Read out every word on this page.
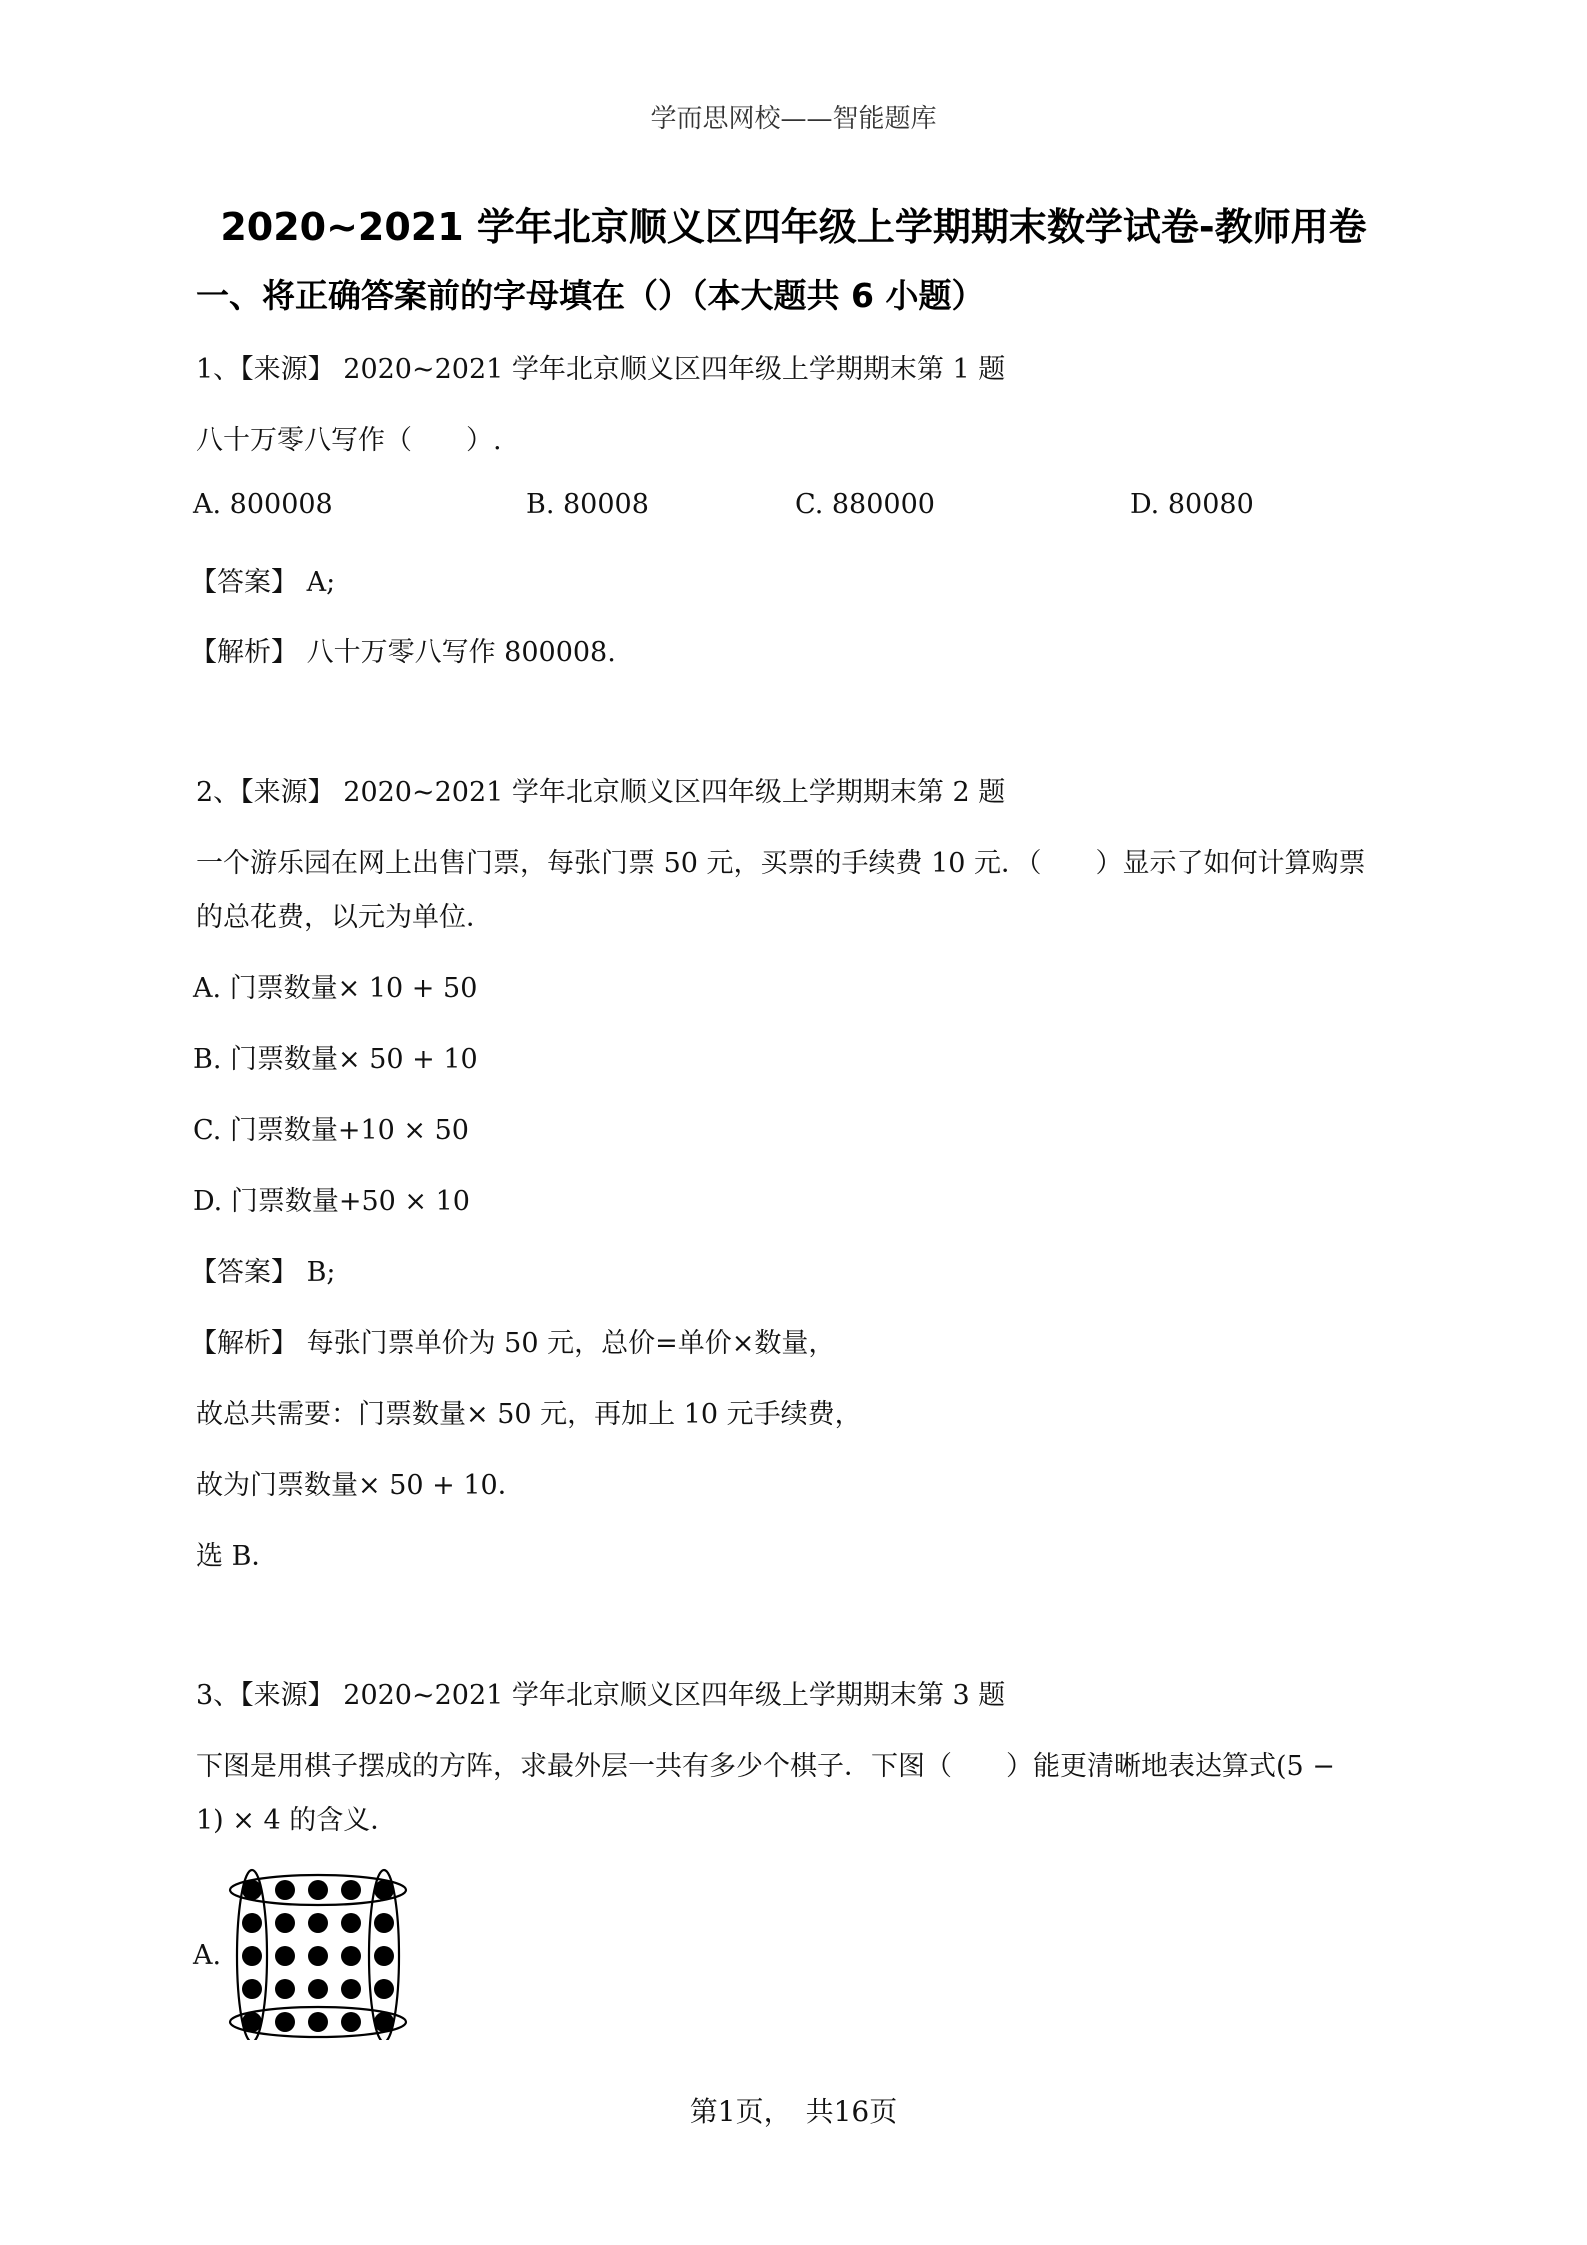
学而思网校——智能题库
2020~2021 学年北京顺义区四年级上学期期末数学试卷-教师用卷
一、将正确答案前的字母填在（）（本大题共 6 小题）
1、【来源】 2020~2021 学年北京顺义区四年级上学期期末第 1 题
八十万零八写作（　　）.
A. 800008	B. 80008	C. 880000	D. 80080
【答案】 A;
【解析】 八十万零八写作 800008.
2、【来源】 2020~2021 学年北京顺义区四年级上学期期末第 2 题
一个游乐园在网上出售门票，每张门票 50 元，买票的手续费 10 元．（　　）显示了如何计算购票
的总花费，以元为单位．
A. 门票数量× 10 + 50
B. 门票数量× 50 + 10
C. 门票数量+10 × 50
D. 门票数量+50 × 10
【答案】 B;
【解析】 每张门票单价为 50 元，总价=单价×数量，
故总共需要：门票数量× 50 元，再加上 10 元手续费，
故为门票数量× 50 + 10．
选 B．
3、【来源】 2020~2021 学年北京顺义区四年级上学期期末第 3 题
下图是用棋子摆成的方阵，求最外层一共有多少个棋子．下图（　　）能更清晰地表达算式(5 −
1) × 4 的含义．
A.
第1页，　共16页
